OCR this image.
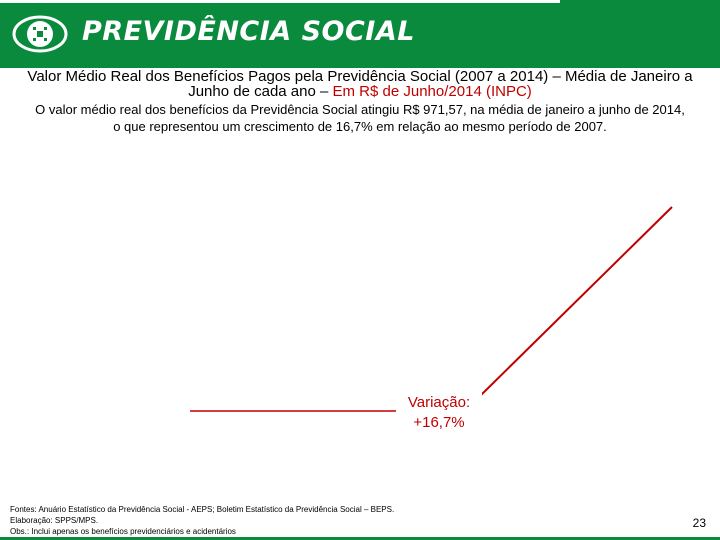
PREVIDÊNCIA SOCIAL
Valor Médio Real dos Benefícios Pagos pela Previdência Social (2007 a 2014) – Média de Janeiro a Junho de cada ano – Em R$ de Junho/2014 (INPC)
O valor médio real dos benefícios da Previdência Social atingiu R$ 971,57, na média de janeiro a junho de 2014,
o que representou um crescimento de 16,7% em relação ao mesmo período de 2007.
Variação:
+16,7%
Fontes: Anuário Estatístico da Previdência Social - AEPS; Boletim Estatístico da Previdência Social – BEPS.
Elaboração: SPPS/MPS.
Obs.: Inclui apenas os benefícios previdenciários e acidentários
23
